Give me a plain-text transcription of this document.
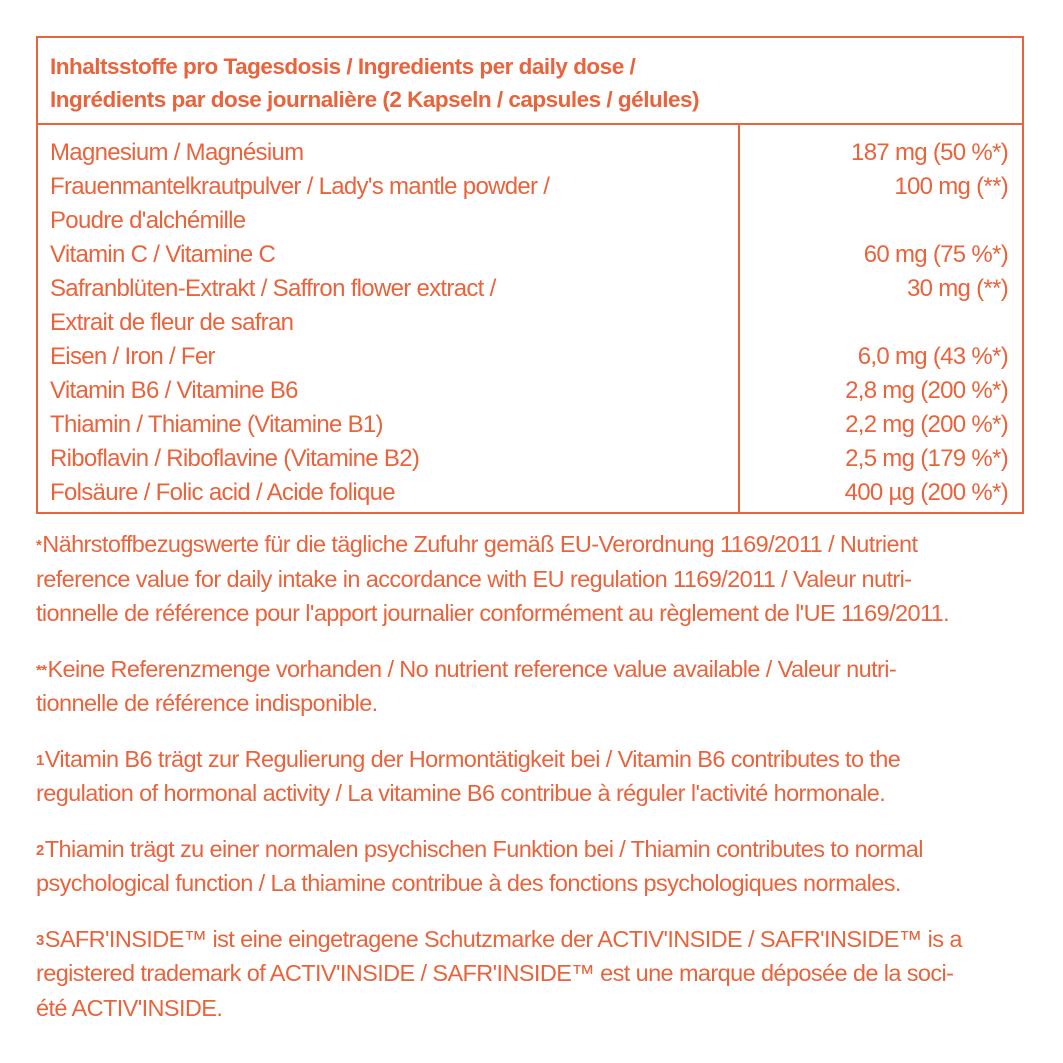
Inhaltsstoffe pro Tagesdosis / Ingredients per daily dose /
Ingrédients par dose journalière (2 Kapseln / capsules / gélules)
Magnesium / Magnésium	187 mg (50 %*)
Frauenmantelkrautpulver / Lady's mantle powder /	100 mg (**)
Poudre d'alchémille
Vitamin C / Vitamine C	60 mg (75 %*)
Safranblüten-Extrakt / Saffron flower extract /	30 mg (**)
Extrait de fleur de safran
Eisen / Iron / Fer	6,0 mg (43 %*)
Vitamin B6 / Vitamine B6	2,8 mg (200 %*)
Thiamin / Thiamine (Vitamine B1)	2,2 mg (200 %*)
Riboflavin / Riboflavine (Vitamine B2)	2,5 mg (179 %*)
Folsäure / Folic acid / Acide folique	400 µg (200 %*)
*Nährstoffbezugswerte für die tägliche Zufuhr gemäß EU-Verordnung 1169/2011 / Nutrient
reference value for daily intake in accordance with EU regulation 1169/2011 / Valeur nutri-
tionnelle de référence pour l'apport journalier conformément au règlement de l'UE 1169/2011.
**Keine Referenzmenge vorhanden / No nutrient reference value available / Valeur nutri-
tionnelle de référence indisponible.
$^1$Vitamin B6 trägt zur Regulierung der Hormontätigkeit bei / Vitamin B6 contributes to the
regulation of hormonal activity / La vitamine B6 contribue à réguler l'activité hormonale.
$^2$Thiamin trägt zu einer normalen psychischen Funktion bei / Thiamin contributes to normal
psychological function / La thiamine contribue à des fonctions psychologiques normales.
$^3$SAFR'INSIDE™ ist eine eingetragene Schutzmarke der ACTIV'INSIDE / SAFR'INSIDE™ is a
registered trademark of ACTIV'INSIDE / SAFR'INSIDE™ est une marque déposée de la soci-
été ACTIV'INSIDE.
